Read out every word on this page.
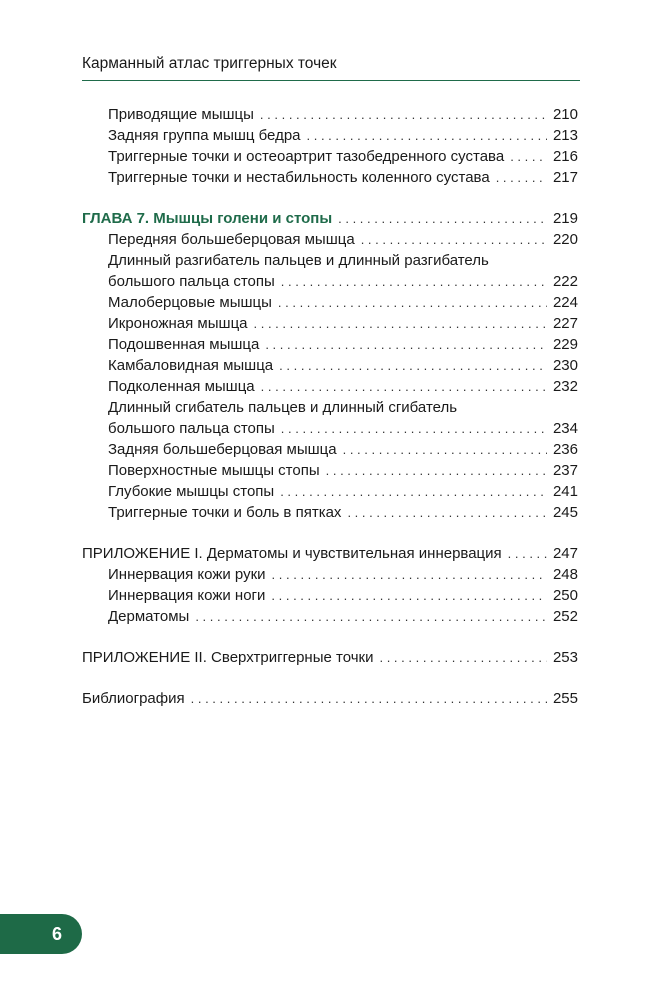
Карманный атлас триггерных точек
Приводящие мышцы . . .	210
Задняя группа мышц бедра . . .	213
Триггерные точки и остеоартрит тазобедренного сустава . . .	216
Триггерные точки и нестабильность коленного сустава . . .	217
ГЛАВА 7. Мышцы голени и стопы . . .	219
Передняя большеберцовая мышца . . .	220
Длинный разгибатель пальцев и длинный разгибатель
большого пальца стопы . . .	222
Малоберцовые мышцы . . .	224
Икроножная мышца . . .	227
Подошвенная мышца . . .	229
Камбаловидная мышца . . .	230
Подколенная мышца . . .	232
Длинный сгибатель пальцев и длинный сгибатель
большого пальца стопы . . .	234
Задняя большеберцовая мышца . . .	236
Поверхностные мышцы стопы . . .	237
Глубокие мышцы стопы . . .	241
Триггерные точки и боль в пятках . . .	245
ПРИЛОЖЕНИЕ I. Дерматомы и чувствительная иннервация . . .	247
Иннервация кожи руки . . .	248
Иннервация кожи ноги . . .	250
Дерматомы . . .	252
ПРИЛОЖЕНИЕ II. Сверхтриггерные точки . . .	253
Библиография . . .	255
6
